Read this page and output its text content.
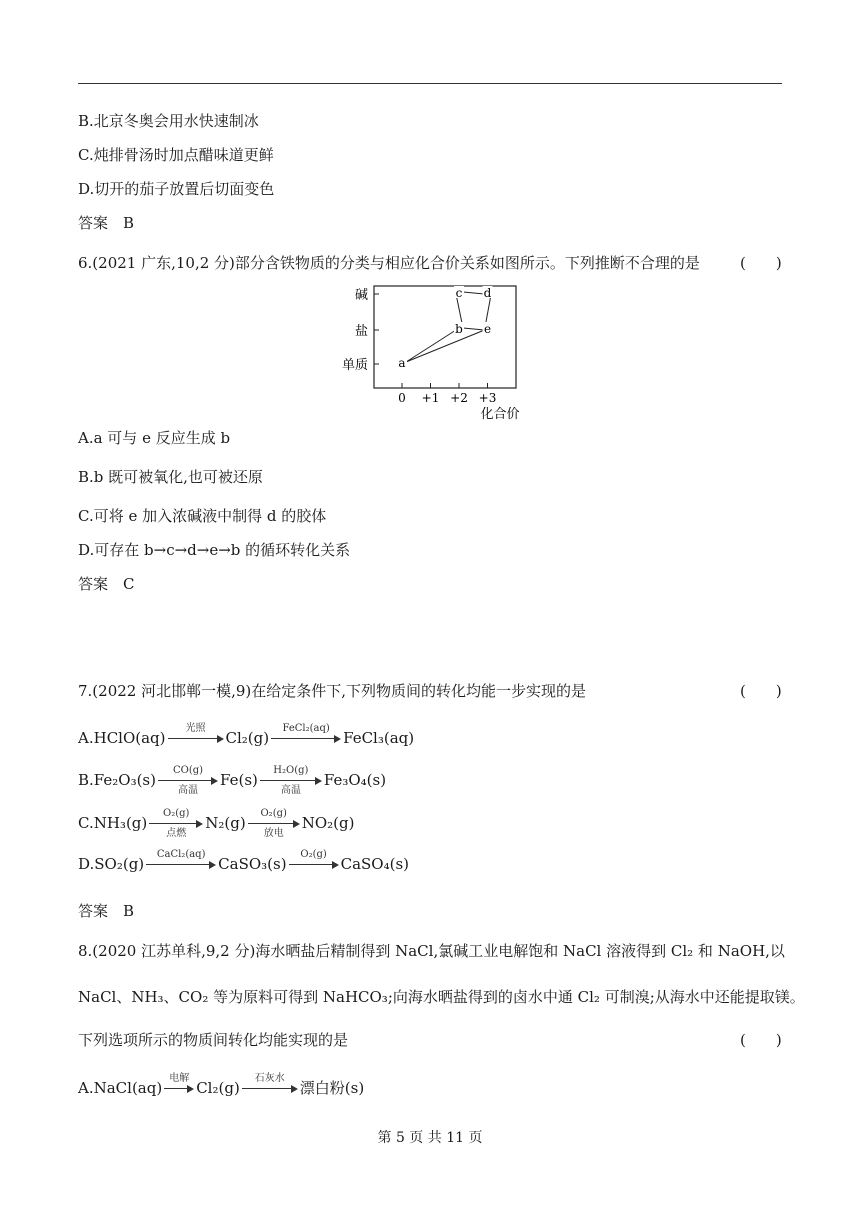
B.北京冬奥会用水快速制冰
C.炖排骨汤时加点醋味道更鲜
D.切开的茄子放置后切面变色
答案　B
6.(2021 广东,10,2 分)部分含铁物质的分类与相应化合价关系如图所示。下列推断不合理的是	(　　)
a
b
c d
e
单质
盐
碱
0 +1 +2 +3
化合价
A.a 可与 e 反应生成 b
B.b 既可被氧化,也可被还原
C.可将 e 加入浓碱液中制得 d 的胶体
D.可存在 b→c→d→e→b 的循环转化关系
答案　C
7.(2022 河北邯郸一模,9)在给定条件下,下列物质间的转化均能一步实现的是	(　　)
A.HClO(aq)
光照
Cl₂(g)
FeCl₂(aq)
FeCl₃(aq)
B.Fe₂O₃(s)
CO(g)
高温
Fe(s)
H₂O(g)
高温
Fe₃O₄(s)
C.NH₃(g)
O₂(g)
点燃
N₂(g)
O₂(g)
放电
NO₂(g)
D.SO₂(g)
CaCl₂(aq)
CaSO₃(s)
O₂(g)
CaSO₄(s)
答案　B
8.(2020 江苏单科,9,2 分)海水晒盐后精制得到 NaCl,氯碱工业电解饱和 NaCl 溶液得到 Cl₂ 和 NaOH,以
NaCl、NH₃、CO₂ 等为原料可得到 NaHCO₃;向海水晒盐得到的卤水中通 Cl₂ 可制溴;从海水中还能提取镁。
下列选项所示的物质间转化均能实现的是	(　　)
A.NaCl(aq)
电解
Cl₂(g)
石灰水
漂白粉(s)
第 5 页 共 11 页
